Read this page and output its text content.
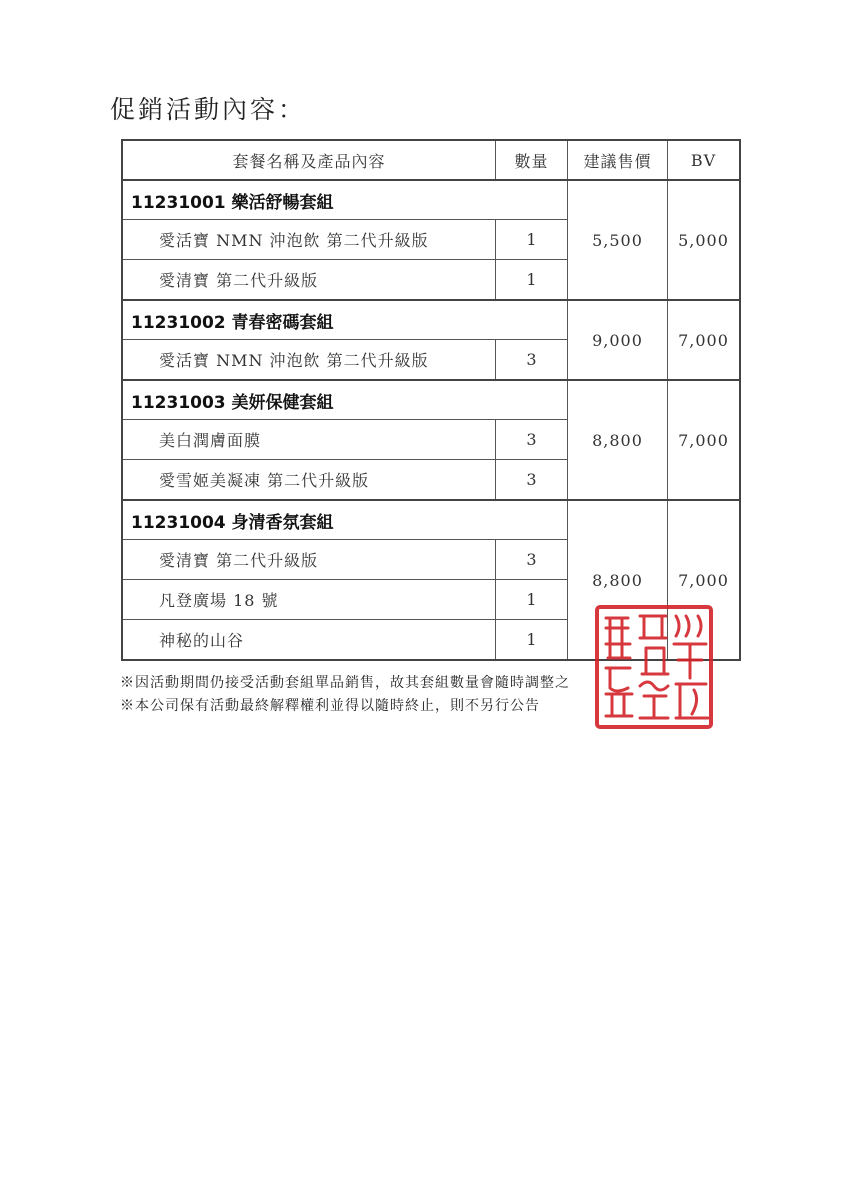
促銷活動內容：
套餐名稱及產品內容	數量	建議售價	BV
11231001 樂活舒暢套組		5,500	5,000
愛活寶 NMN 沖泡飲 第二代升級版	1		
愛清寶 第二代升級版	1		
11231002 青春密碼套組		9,000	7,000
愛活寶 NMN 沖泡飲 第二代升級版	3		
11231003 美妍保健套組		8,800	7,000
美白潤膚面膜	3		
愛雪姬美凝凍 第二代升級版	3		
11231004 身清香氛套組		8,800	7,000
愛清寶 第二代升級版	3		
凡登廣場 18 號	1		
神秘的山谷	1		
※因活動期間仍接受活動套組單品銷售，故其套組數量會隨時調整之
※本公司保有活動最終解釋權利並得以隨時終止，則不另行公告
